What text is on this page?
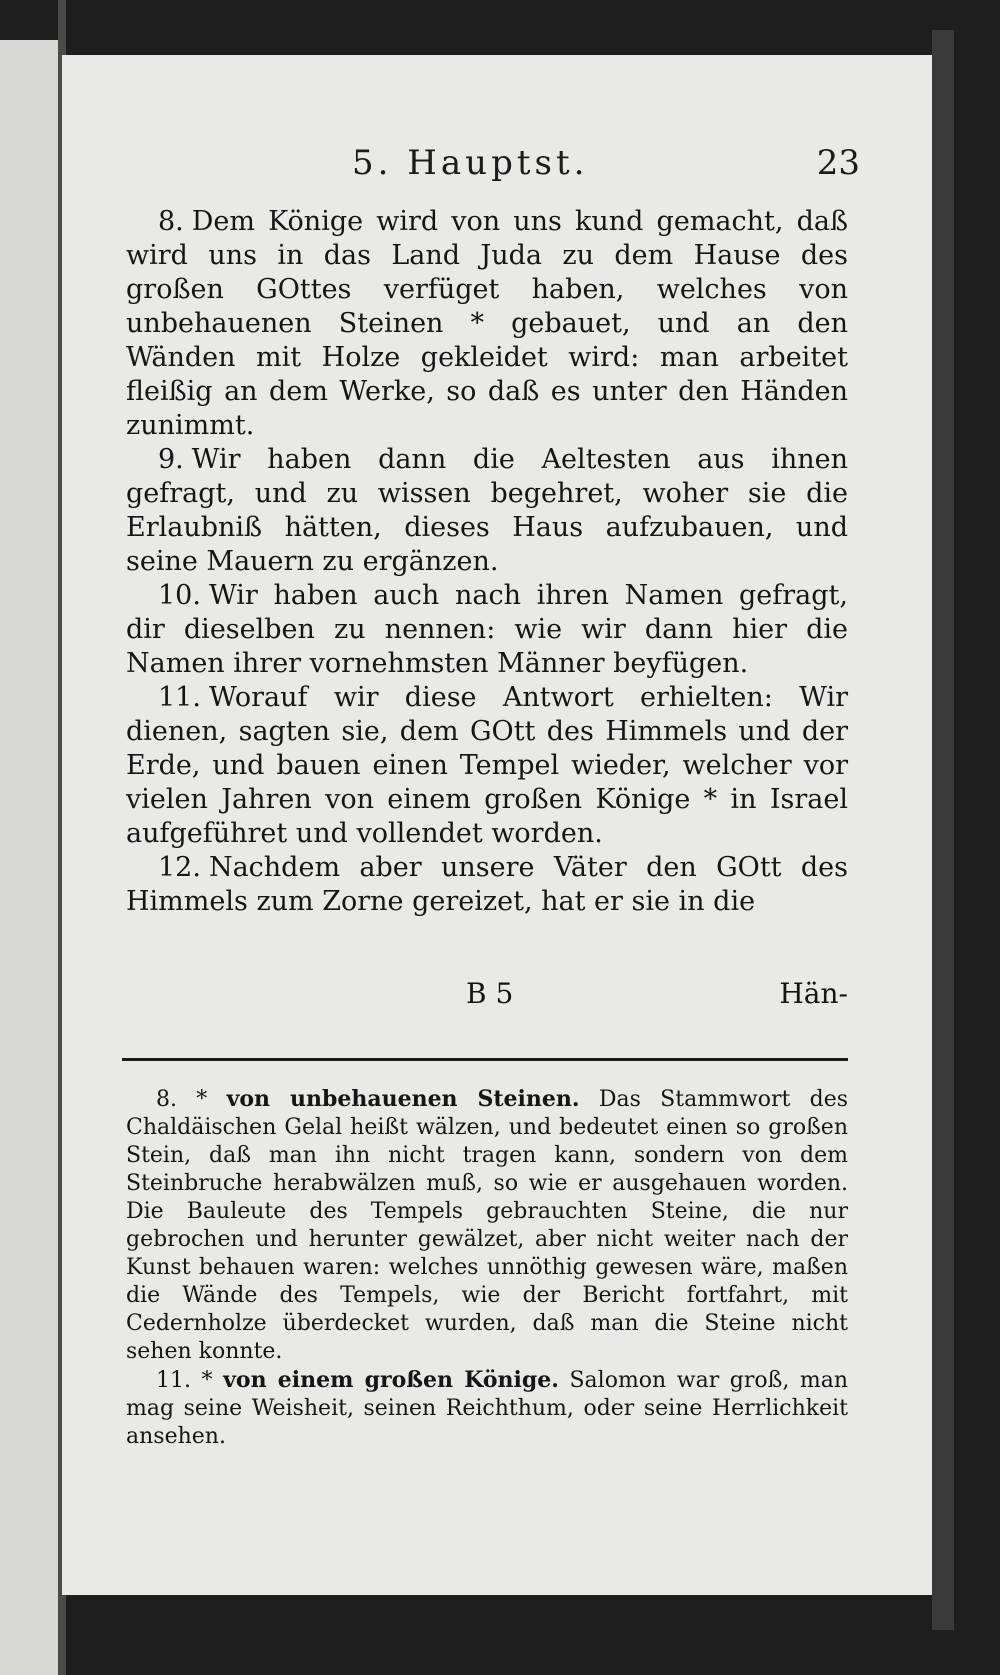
5. Hauptst.	23

8. Dem Könige wird von uns kund gemacht, daß wird uns in das Land Juda zu dem Hause des großen GOttes verfüget haben, welches von unbehauenen Steinen * gebauet, und an den Wänden mit Holze gekleidet wird: man arbeitet fleißig an dem Werke, so daß es unter den Händen zunimmt.

9. Wir haben dann die Aeltesten aus ihnen gefragt, und zu wissen begehret, woher sie die Erlaubniß hätten, dieses Haus aufzubauen, und seine Mauern zu ergänzen.

10. Wir haben auch nach ihren Namen gefragt, dir dieselben zu nennen: wie wir dann hier die Namen ihrer vornehmsten Männer beyfügen.

11. Worauf wir diese Antwort erhielten: Wir dienen, sagten sie, dem GOtt des Himmels und der Erde, und bauen einen Tempel wieder, welcher vor vielen Jahren von einem großen Könige * in Israel aufgeführet und vollendet worden.

12. Nachdem aber unsere Väter den GOtt des Himmels zum Zorne gereizet, hat er sie in die

B 5	Hän-

8. * von unbehauenen Steinen. Das Stammwort des Chaldäischen Gelal heißt wälzen, und bedeutet einen so großen Stein, daß man ihn nicht tragen kann, sondern von dem Steinbruche herabwälzen muß, so wie er ausgehauen worden. Die Bauleute des Tempels gebrauchten Steine, die nur gebrochen und herunter gewälzet, aber nicht weiter nach der Kunst behauen waren: welches unnöthig gewesen wäre, maßen die Wände des Tempels, wie der Bericht fortfahrt, mit Cedernholze überdecket wurden, daß man die Steine nicht sehen konnte.

11. * von einem großen Könige. Salomon war groß, man mag seine Weisheit, seinen Reichthum, oder seine Herrlichkeit ansehen.
